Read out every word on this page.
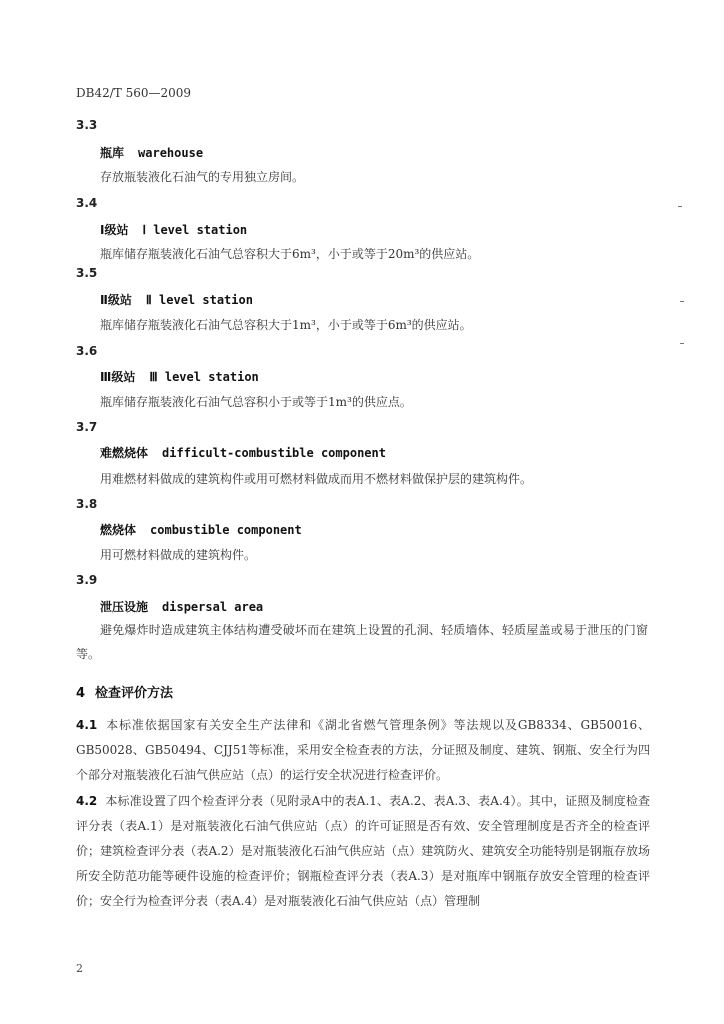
DB42/T 560—2009
3.3
瓶库 warehouse
存放瓶装液化石油气的专用独立房间。
3.4
Ⅰ级站 Ⅰ level station
瓶库储存瓶装液化石油气总容积大于6m³，小于或等于20m³的供应站。
3.5
Ⅱ级站 Ⅱ level station
瓶库储存瓶装液化石油气总容积大于1m³，小于或等于6m³的供应站。
3.6
Ⅲ级站 Ⅲ level station
瓶库储存瓶装液化石油气总容积小于或等于1m³的供应点。
3.7
难燃烧体 difficult-combustible component
用难燃材料做成的建筑构件或用可燃材料做成而用不燃材料做保护层的建筑构件。
3.8
燃烧体 combustible component
用可燃材料做成的建筑构件。
3.9
泄压设施 dispersal area
避免爆炸时造成建筑主体结构遭受破坏而在建筑上设置的孔洞、轻质墙体、轻质屋盖或易于泄压的门窗等。
4 检查评价方法
4.1 本标准依据国家有关安全生产法律和《湖北省燃气管理条例》等法规以及GB8334、GB50016、GB50028、GB50494、CJJ51等标准，采用安全检查表的方法，分证照及制度、建筑、钢瓶、安全行为四个部分对瓶装液化石油气供应站（点）的运行安全状况进行检查评价。
4.2 本标准设置了四个检查评分表（见附录A中的表A.1、表A.2、表A.3、表A.4）。其中，证照及制度检查评分表（表A.1）是对瓶装液化石油气供应站（点）的许可证照是否有效、安全管理制度是否齐全的检查评价；建筑检查评分表（表A.2）是对瓶装液化石油气供应站（点）建筑防火、建筑安全功能特别是钢瓶存放场所安全防范功能等硬件设施的检查评价；钢瓶检查评分表（表A.3）是对瓶库中钢瓶存放安全管理的检查评价；安全行为检查评分表（表A.4）是对瓶装液化石油气供应站（点）管理制
2
